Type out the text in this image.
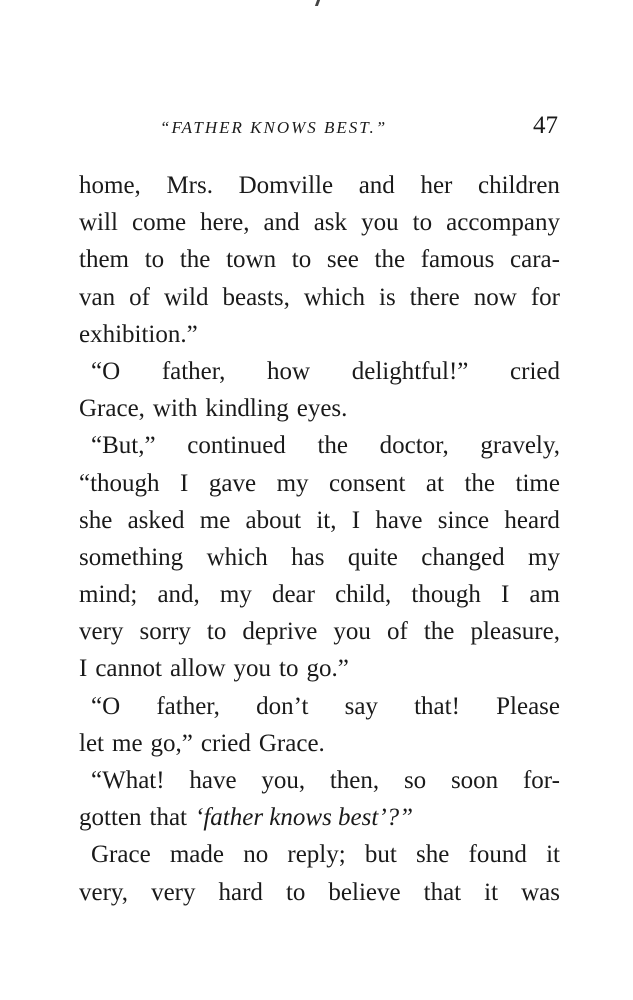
“FATHER KNOWS BEST.”	47
home, Mrs. Domville and her children
will come here, and ask you to accompany
them to the town to see the famous cara-
van of wild beasts, which is there now for
exhibition.”
“O father, how delightful!” cried
Grace, with kindling eyes.
“But,” continued the doctor, gravely,
“though I gave my consent at the time
she asked me about it, I have since heard
something which has quite changed my
mind; and, my dear child, though I am
very sorry to deprive you of the pleasure,
I cannot allow you to go.”
“O father, don’t say that! Please
let me go,” cried Grace.
“What! have you, then, so soon for-
gotten that ‘father knows best’?”
Grace made no reply; but she found it
very, very hard to believe that it was
